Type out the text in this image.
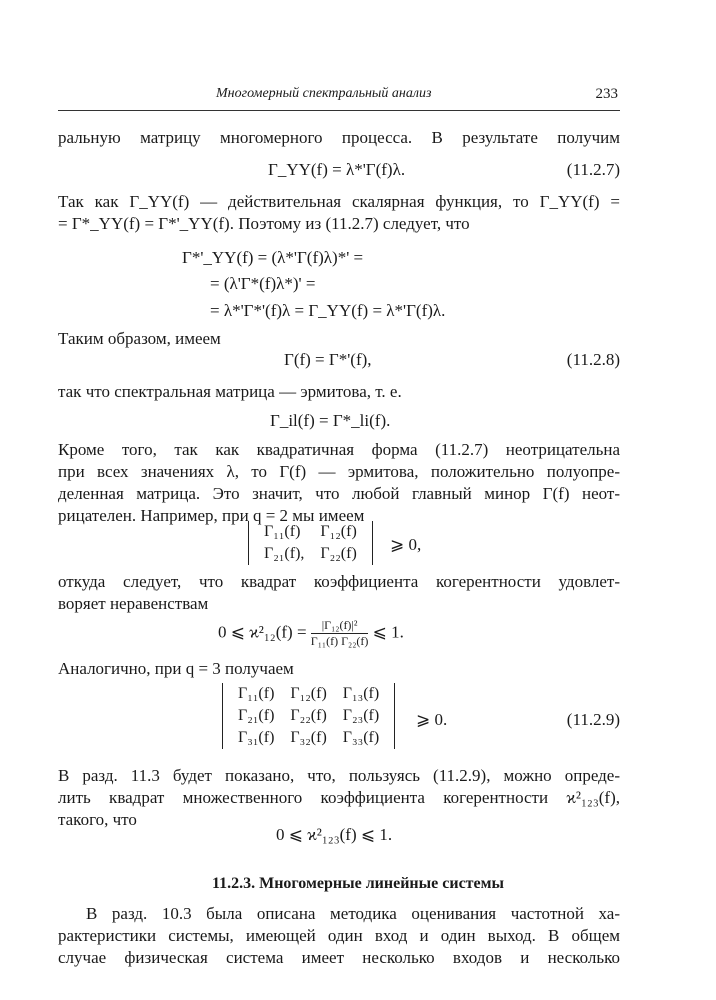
Многомерный спектральный анализ	233
ральную матрицу многомерного процесса. В результате получим
Γ_YY(f) = λ*'Γ(f)λ.	(11.2.7)
Так как Γ_YY(f) — действительная скалярная функция, то Γ_YY(f) =
= Γ*_YY(f) = Γ*'_YY(f). Поэтому из (11.2.7) следует, что
Γ*'_YY(f) = (λ*'Γ(f)λ)*' =
= (λ'Γ*(f)λ*)' =
= λ*'Γ*'(f)λ = Γ_YY(f) = λ*'Γ(f)λ.
Таким образом, имеем
Γ(f) = Γ*'(f),	(11.2.8)
так что спектральная матрица — эрмитова, т. е.
Γ_il(f) = Γ*_li(f).
Кроме того, так как квадратичная форма (11.2.7) неотрицательна
при всех значениях λ, то Γ(f) — эрмитова, положительно полуопре-
деленная матрица. Это значит, что любой главный минор Γ(f) неот-
рицателен. Например, при q = 2 мы имеем
Γ₁₁(f)	Γ₁₂(f)
Γ₂₁(f),	Γ₂₂(f) ⩾ 0,
откуда следует, что квадрат коэффициента когерентности удовлет-
воряет неравенствам
0 ⩽ $ϰ^2_{12}(f) = \frac{\text{|Γ₁₂(f)|²}}{\text{Γ₁₁(f) Γ₂₂(f)}}$ ⩽ 1.
Аналогично, при q = 3 получаем
Γ₁₁(f)	Γ₁₂(f)	Γ₁₃(f)
Γ₂₁(f)	Γ₂₂(f)	Γ₂₃(f)
Γ₃₁(f)	Γ₃₂(f)	Γ₃₃(f)
⩾ 0.	(11.2.9)
В разд. 11.3 будет показано, что, пользуясь (11.2.9), можно опреде-
лить квадрат множественного коэффициента когерентности ϰ²₁₂₃(f),
такого, что
0 ⩽ ϰ²₁₂₃(f) ⩽ 1.
11.2.3. Многомерные линейные системы
В разд. 10.3 была описана методика оценивания частотной ха-
рактеристики системы, имеющей один вход и один выход. В общем
случае физическая система имеет несколько входов и несколько
